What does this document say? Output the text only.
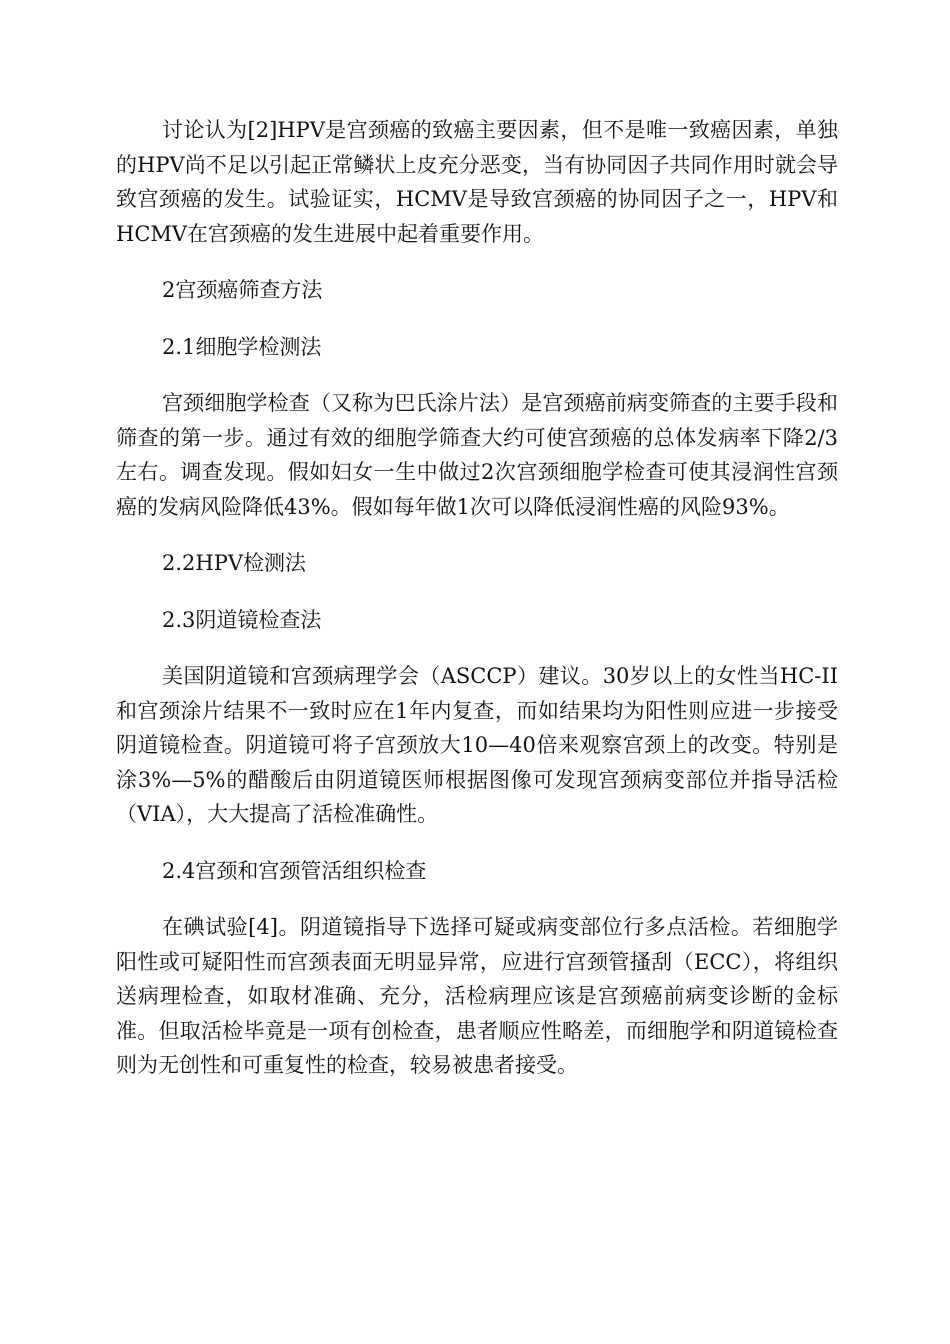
讨论认为[2]HPV是宫颈癌的致癌主要因素，但不是唯一致癌因素，单独的HPV尚不足以引起正常鳞状上皮充分恶变，当有协同因子共同作用时就会导致宫颈癌的发生。试验证实，HCMV是导致宫颈癌的协同因子之一，HPV和HCMV在宫颈癌的发生进展中起着重要作用。

2宫颈癌筛查方法

2.1细胞学检测法

宫颈细胞学检查（又称为巴氏涂片法）是宫颈癌前病变筛查的主要手段和筛查的第一步。通过有效的细胞学筛查大约可使宫颈癌的总体发病率下降2/3左右。调查发现。假如妇女一生中做过2次宫颈细胞学检查可使其浸润性宫颈癌的发病风险降低43%。假如每年做1次可以降低浸润性癌的风险93%。

2.2HPV检测法

2.3阴道镜检查法

美国阴道镜和宫颈病理学会（ASCCP）建议。30岁以上的女性当HC-II和宫颈涂片结果不一致时应在1年内复查，而如结果均为阳性则应进一步接受阴道镜检查。阴道镜可将子宫颈放大10—40倍来观察宫颈上的改变。特别是涂3%—5%的醋酸后由阴道镜医师根据图像可发现宫颈病变部位并指导活检（VIA），大大提高了活检准确性。

2.4宫颈和宫颈管活组织检查

在碘试验[4]。阴道镜指导下选择可疑或病变部位行多点活检。若细胞学阳性或可疑阳性而宫颈表面无明显异常，应进行宫颈管搔刮（ECC），将组织送病理检查，如取材准确、充分，活检病理应该是宫颈癌前病变诊断的金标准。但取活检毕竟是一项有创检查，患者顺应性略差，而细胞学和阴道镜检查则为无创性和可重复性的检查，较易被患者接受。
